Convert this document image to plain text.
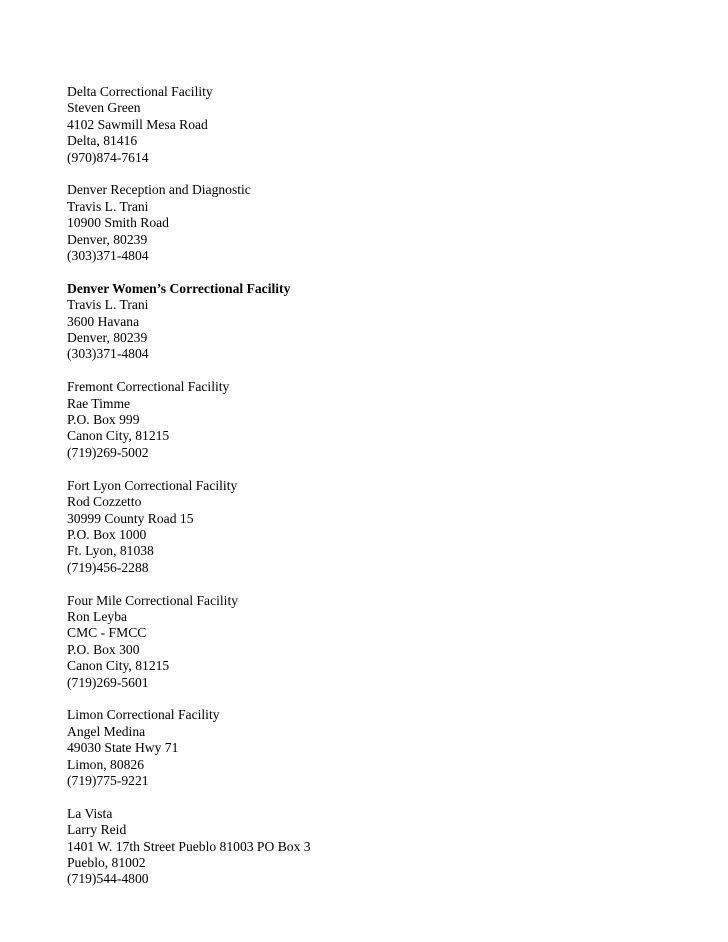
Delta Correctional Facility
Steven Green
4102 Sawmill Mesa Road
Delta, 81416
(970)874-7614
Denver Reception and Diagnostic
Travis L. Trani
10900 Smith Road
Denver, 80239
(303)371-4804
Denver Women’s Correctional Facility
Travis L. Trani
3600 Havana
Denver, 80239
(303)371-4804
Fremont Correctional Facility
Rae Timme
P.O. Box 999
Canon City, 81215
(719)269-5002
Fort Lyon Correctional Facility
Rod Cozzetto
30999 County Road 15
P.O. Box 1000
Ft. Lyon, 81038
(719)456-2288
Four Mile Correctional Facility
Ron Leyba
CMC - FMCC
P.O. Box 300
Canon City, 81215
(719)269-5601
Limon Correctional Facility
Angel Medina
49030 State Hwy 71
Limon, 80826
(719)775-9221
La Vista
Larry Reid
1401 W. 17th Street Pueblo 81003 PO Box 3
Pueblo, 81002
(719)544-4800
